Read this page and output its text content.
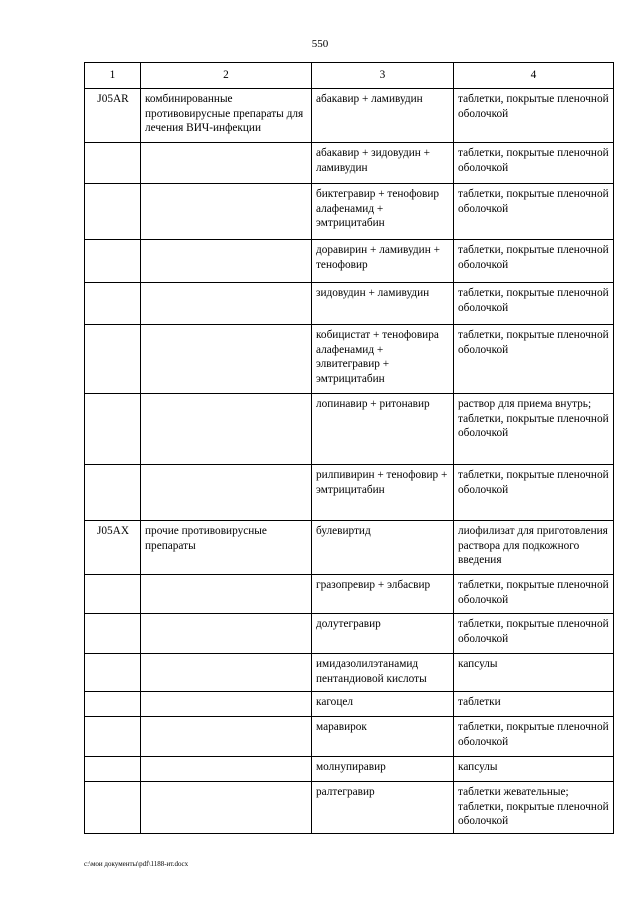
550
1	2	3	4
J05AR	комбинированные противовирусные препараты для лечения ВИЧ-инфекции	абакавир + ламивудин	таблетки, покрытые пленочной оболочкой
		абакавир + зидовудин + ламивудин	таблетки, покрытые пленочной оболочкой
		биктегравир + тенофовир алафенамид + эмтрицитабин	таблетки, покрытые пленочной оболочкой
		доравирин + ламивудин + тенофовир	таблетки, покрытые пленочной оболочкой
		зидовудин + ламивудин	таблетки, покрытые пленочной оболочкой
		кобицистат + тенофовира алафенамид + элвитегравир + эмтрицитабин	таблетки, покрытые пленочной оболочкой
		лопинавир + ритонавир	раствор для приема внутрь; таблетки, покрытые пленочной оболочкой
		рилпивирин + тенофовир + эмтрицитабин	таблетки, покрытые пленочной оболочкой
J05AX	прочие противовирусные препараты	булевиртид	лиофилизат для приготовления раствора для подкожного введения
		гразопревир + элбасвир	таблетки, покрытые пленочной оболочкой
		долутегравир	таблетки, покрытые пленочной оболочкой
		имидазолилэтанамид пентандиовой кислоты	капсулы
		кагоцел	таблетки
		маравирок	таблетки, покрытые пленочной оболочкой
		молнупиравир	капсулы
		ралтегравир	таблетки жевательные; таблетки, покрытые пленочной оболочкой
c:\мои документы\pdf\1188-ит.docx
